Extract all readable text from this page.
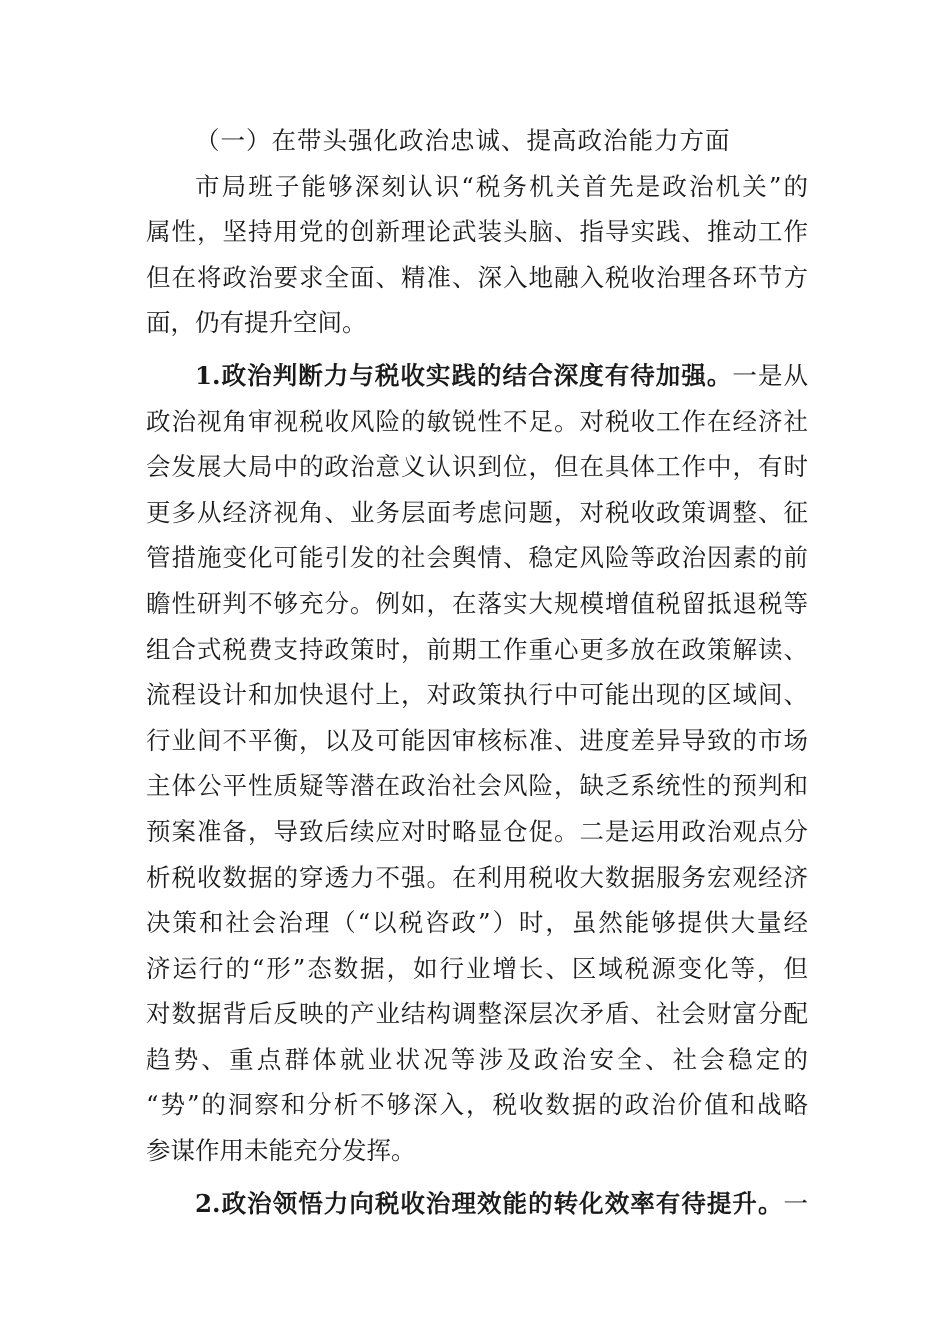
（一）在带头强化政治忠诚、提高政治能力方面
市局班子能够深刻认识“税务机关首先是政治机关”的
属性，坚持用党的创新理论武装头脑、指导实践、推动工作
但在将政治要求全面、精准、深入地融入税收治理各环节方
面，仍有提升空间。
1.政治判断力与税收实践的结合深度有待加强。一是从
政治视角审视税收风险的敏锐性不足。对税收工作在经济社
会发展大局中的政治意义认识到位，但在具体工作中，有时
更多从经济视角、业务层面考虑问题，对税收政策调整、征
管措施变化可能引发的社会舆情、稳定风险等政治因素的前
瞻性研判不够充分。例如，在落实大规模增值税留抵退税等
组合式税费支持政策时，前期工作重心更多放在政策解读、
流程设计和加快退付上，对政策执行中可能出现的区域间、
行业间不平衡，以及可能因审核标准、进度差异导致的市场
主体公平性质疑等潜在政治社会风险，缺乏系统性的预判和
预案准备，导致后续应对时略显仓促。二是运用政治观点分
析税收数据的穿透力不强。在利用税收大数据服务宏观经济
决策和社会治理（“以税咨政”）时，虽然能够提供大量经
济运行的“形”态数据，如行业增长、区域税源变化等，但
对数据背后反映的产业结构调整深层次矛盾、社会财富分配
趋势、重点群体就业状况等涉及政治安全、社会稳定的
“势”的洞察和分析不够深入，税收数据的政治价值和战略
参谋作用未能充分发挥。
2.政治领悟力向税收治理效能的转化效率有待提升。一
